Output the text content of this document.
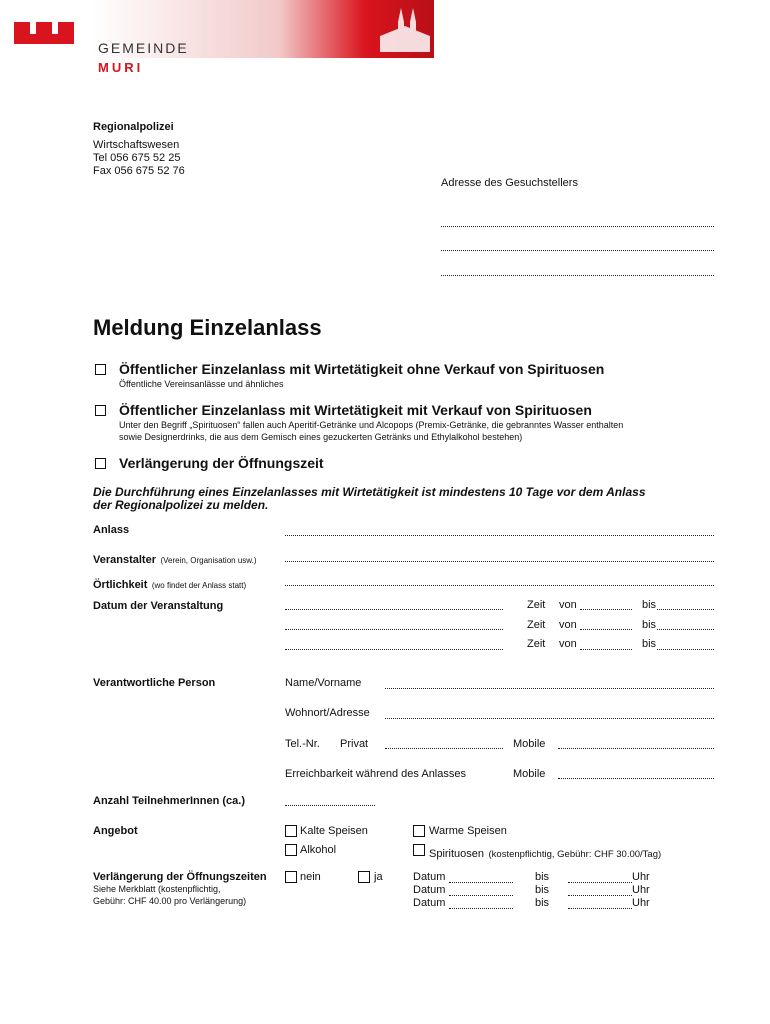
GEMEINDE
MURI
Regionalpolizei
Wirtschaftswesen
Tel 056 675 52 25
Fax 056 675 52 76
Adresse des Gesuchstellers
Meldung Einzelanlass
Öffentlicher Einzelanlass mit Wirtetätigkeit ohne Verkauf von Spirituosen
Öffentliche Vereinsanlässe und ähnliches
Öffentlicher Einzelanlass mit Wirtetätigkeit mit Verkauf von Spirituosen
Unter den Begriff „Spirituosen“ fallen auch Aperitif-Getränke und Alcopops (Premix-Getränke, die gebranntes Wasser enthalten
sowie Designerdrinks, die aus dem Gemisch eines gezuckerten Getränks und Ethylalkohol bestehen)
Verlängerung der Öffnungszeit
Die Durchführung eines Einzelanlasses mit Wirtetätigkeit ist mindestens 10 Tage vor dem Anlass
der Regionalpolizei zu melden.
Anlass
Veranstalter (Verein, Organisation usw.)
Örtlichkeit (wo findet der Anlass statt)
Datum der Veranstaltung	Zeit von	bis
Zeit von	bis
Zeit von	bis
Verantwortliche Person	Name/Vorname
Wohnort/Adresse
Tel.-Nr. Privat	Mobile
Erreichbarkeit während des Anlasses	Mobile
Anzahl TeilnehmerInnen (ca.)
Angebot	Kalte Speisen	Warme Speisen
Alkohol	Spirituosen (kostenpflichtig, Gebühr: CHF 30.00/Tag)
Verlängerung der Öffnungszeiten
Siehe Merkblatt (kostenpflichtig,
Gebühr: CHF 40.00 pro Verlängerung)
nein	ja	Datum	bis	Uhr
Datum	bis	Uhr
Datum	bis	Uhr
